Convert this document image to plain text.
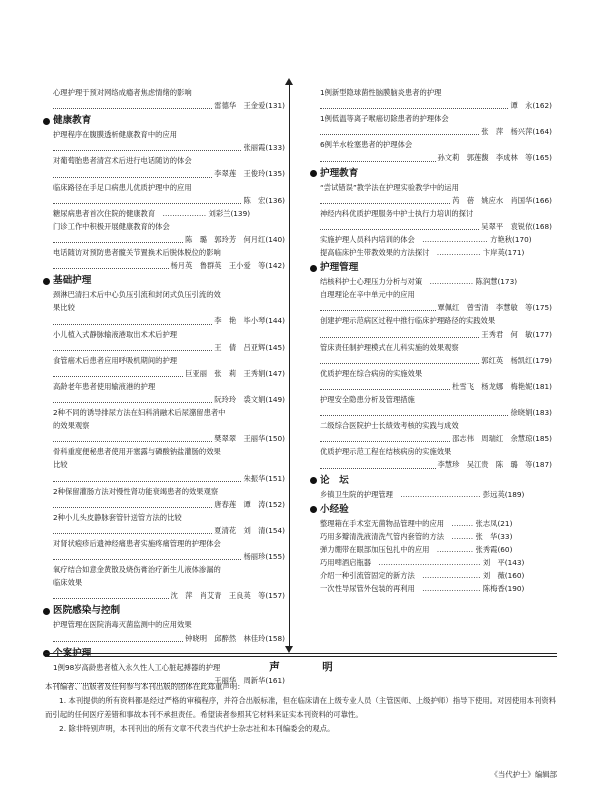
心理护理于预对网络成瘾者焦虑情绪的影响
雷德华　王金爱(131)
健康教育
护理程序在腹膜透析健康教育中的应用
张丽霞(133)
对葡萄胎患者清宫术后进行电话随访的体会
李翠莲　王俊玲(135)
临床路径在手足口病患儿优质护理中的应用
陈　宏(136)
糖尿病患者首次住院的健康教育　……………… 刘彩兰(139)
门诊工作中积极开展健康教育的体会
陈　璐　郭玲芳　何月红(140)
电话随访对预防患者髋关节置换术后脱体脱位的影响
杨月英　鲁群英　王小爱　等(142)
基础护理
颈淋巴清扫术后中心负压引流和封闭式负压引流的效
果比较
李　艳　毕小琴(144)
小儿植入式静脉输液港取出术术后护理
王　倩　吕亚辉(145)
食管癌术后患者应用呼吸机期间的护理
巨亚丽　张　莉　王秀娟(147)
高龄老年患者使用输液港的护理
阮玲玲　裘文娟(149)
2种不同的诱导排尿方法在妇科消融术后尿潴留患者中
的效果观察
樊翠翠　王丽华(150)
骨科重度便秘患者使用开塞露与磷酸钠盐灌肠的效果
比较
朱振华(151)
2种保留灌肠方法对慢性肾功能衰竭患者的效果观察
唐春莲　谭　涛(152)
2种小儿头皮静脉套管针送管方法的比较
夏清花　刘　清(154)
对肾状疱疹后遗神经痛患者实施疼痛管理的护理体会
杨丽珍(155)
氧疗结合如意金黄散及烧伤膏治疗新生儿液体渗漏的
临床效果
沈　萍　肖艾青　王良英　等(157)
医院感染与控制
护理管理在医院消毒灭菌监测中的应用效果
钟晓明　邱醉然　林佳玲(158)
个案护理
1例98岁高龄患者植入永久性人工心脏起搏器的护理
王丽华　周新华(161)
1例新型隐球菌性脑膜脑炎患者的护理
谭　永(162)
1例低温等离子喉癌切除患者的护理体会
张　萍　杨兴萍(164)
6例羊水栓塞患者的护理体会
孙文莉　郭莲馥　李成林　等(165)
护理教育
“尝试错误”教学法在护理实验教学中的运用
芮　蓓　姚应水　肖国华(166)
神经内科优质护理服务中护士执行力培训的探讨
吴翠平　袁锐依(168)
实施护理人员科内培训的体会　……………………… 方艳秋(170)
提高临床护生带教效果的方法探讨　……………… 卞岸英(171)
护理管理
结核科护士心理压力分析与对策　……………… 陈润慧(173)
自理理论在辛中单元中的应用
覃佩红　曾雪清　李慧敏　等(175)
创建护理示范病区过程中推行临床护理路径的实践效果
王秀君　何　敏(177)
管床责任制护理模式在儿科实施的效果观察
郭红英　杨凯红(179)
优质护理在综合病房的实施效果
杜雪飞　杨龙娜　梅艳妮(181)
护理安全隐患分析及管理措施
徐晓娟(183)
二级综合医院护士长绩效考核的实践与成效
邵志伟　周瑞红　余慧琼(185)
优质护理示范工程在结核病房的实施效果
李慧珍　吴江贵　陈　璐　等(187)
论　坛
乡镇卫生院的护理管理　…………………………… 彭远英(189)
小经验
整理箱在手术室无菌物品管理中的应用　……… 张志凤(21)
巧用多瓣清洗液清洗气管内套管的方法　……… 张　华(33)
弹力绷带在眼部加压包扎中的应用　…………… 张秀霞(60)
巧用啤酒启瓶器　…………………………………… 刘　平(143)
介绍一种引流管固定的新方法　…………………… 刘　薇(160)
一次性导尿管外包装的再利用　…………………… 陈梅香(190)
声　明

本刊编者、出版者及任何参与本刊出版的团体在此郑重声明：

1. 本刊提供的所有资料都是经过严格的审稿程序，并符合出版标准，但在临床请在上级专业人员（主管医师、上级护师）指导下使用。对因使用本刊资料而引起的任何医疗差错和事故本刊不承担责任。希望读者参照其它材料来证实本刊资料的可靠性。

2. 除非特别声明，本刊刊出的所有文章不代表当代护士杂志社和本刊编委会的观点。

《当代护士》编辑部
